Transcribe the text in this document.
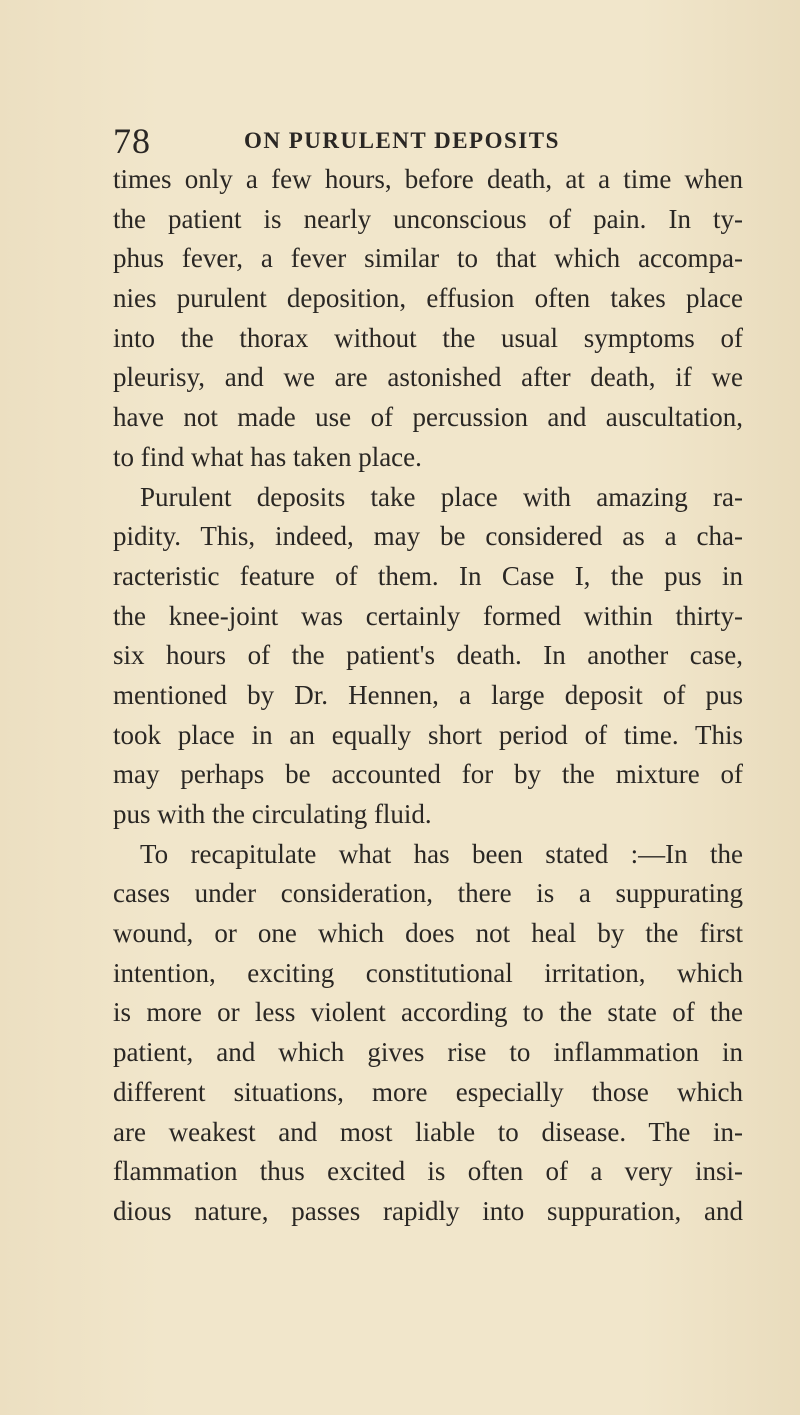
78	ON PURULENT DEPOSITS
times only a few hours, before death, at a time when
the patient is nearly unconscious of pain. In ty-
phus fever, a fever similar to that which accompa-
nies purulent deposition, effusion often takes place
into the thorax without the usual symptoms of
pleurisy, and we are astonished after death, if we
have not made use of percussion and auscultation,
to find what has taken place.
Purulent deposits take place with amazing ra-
pidity. This, indeed, may be considered as a cha-
racteristic feature of them. In Case I, the pus in
the knee-joint was certainly formed within thirty-
six hours of the patient's death. In another case,
mentioned by Dr. Hennen, a large deposit of pus
took place in an equally short period of time. This
may perhaps be accounted for by the mixture of
pus with the circulating fluid.
To recapitulate what has been stated :—In the
cases under consideration, there is a suppurating
wound, or one which does not heal by the first
intention, exciting constitutional irritation, which
is more or less violent according to the state of the
patient, and which gives rise to inflammation in
different situations, more especially those which
are weakest and most liable to disease. The in-
flammation thus excited is often of a very insi-
dious nature, passes rapidly into suppuration, and
